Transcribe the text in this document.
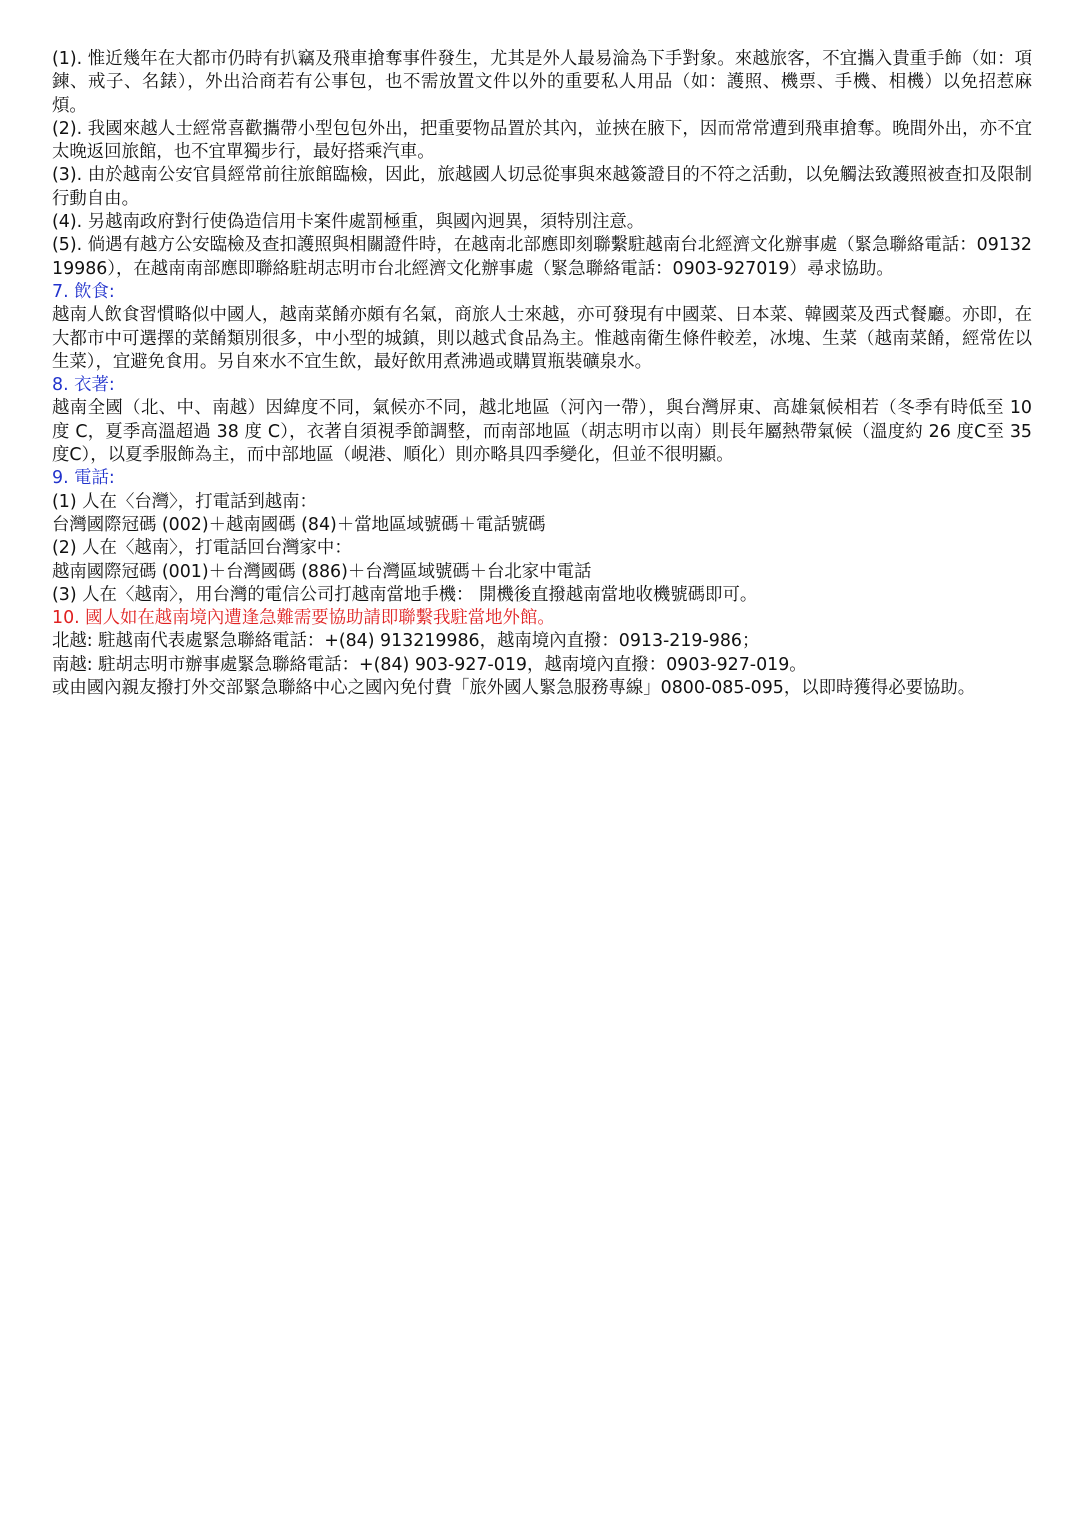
(1). 惟近幾年在大都市仍時有扒竊及飛車搶奪事件發生，尤其是外人最易淪為下手對象。來越旅客，不宜攜入貴重手飾（如：項鍊、戒子、名錶），外出洽商若有公事包，也不需放置文件以外的重要私人用品（如：護照、機票、手機、相機）以免招惹麻煩。

(2). 我國來越人士經常喜歡攜帶小型包包外出，把重要物品置於其內，並挾在腋下，因而常常遭到飛車搶奪。晚間外出，亦不宜太晚返回旅館，也不宜單獨步行，最好搭乘汽車。

(3). 由於越南公安官員經常前往旅館臨檢，因此，旅越國人切忌從事與來越簽證目的不符之活動，以免觸法致護照被查扣及限制行動自由。

(4). 另越南政府對行使偽造信用卡案件處罰極重，與國內迥異，須特別注意。

(5). 倘遇有越方公安臨檢及查扣護照與相關證件時，在越南北部應即刻聯繫駐越南台北經濟文化辦事處（緊急聯絡電話：0913219986），在越南南部應即聯絡駐胡志明市台北經濟文化辦事處（緊急聯絡電話：0903-927019）尋求協助。

7. 飲食:

越南人飲食習慣略似中國人，越南菜餚亦頗有名氣，商旅人士來越，亦可發現有中國菜、日本菜、韓國菜及西式餐廳。亦即，在大都市中可選擇的菜餚類別很多，中小型的城鎮，則以越式食品為主。惟越南衛生條件較差，冰塊、生菜（越南菜餚，經常佐以生菜），宜避免食用。另自來水不宜生飲，最好飲用煮沸過或購買瓶裝礦泉水。

8. 衣著:

越南全國（北、中、南越）因緯度不同，氣候亦不同，越北地區（河內一帶），與台灣屏東、高雄氣候相若（冬季有時低至 10 度 C，夏季高溫超過 38 度 C），衣著自須視季節調整，而南部地區（胡志明市以南）則長年屬熱帶氣候（溫度約 26 度C至 35 度C），以夏季服飾為主，而中部地區（峴港、順化）則亦略具四季變化，但並不很明顯。

9. 電話:

(1) 人在〈台灣〉，打電話到越南：

台灣國際冠碼 (002)＋越南國碼 (84)＋當地區域號碼＋電話號碼

(2) 人在〈越南〉，打電話回台灣家中：

越南國際冠碼 (001)＋台灣國碼 (886)＋台灣區域號碼＋台北家中電話

(3) 人在〈越南〉，用台灣的電信公司打越南當地手機： 開機後直撥越南當地收機號碼即可。

10. 國人如在越南境內遭逢急難需要協助請即聯繫我駐當地外館。

北越: 駐越南代表處緊急聯絡電話：+(84) 913219986，越南境內直撥：0913-219-986；

南越: 駐胡志明市辦事處緊急聯絡電話：+(84) 903-927-019，越南境內直撥：0903-927-019。

或由國內親友撥打外交部緊急聯絡中心之國內免付費「旅外國人緊急服務專線」0800-085-095，以即時獲得必要協助。
